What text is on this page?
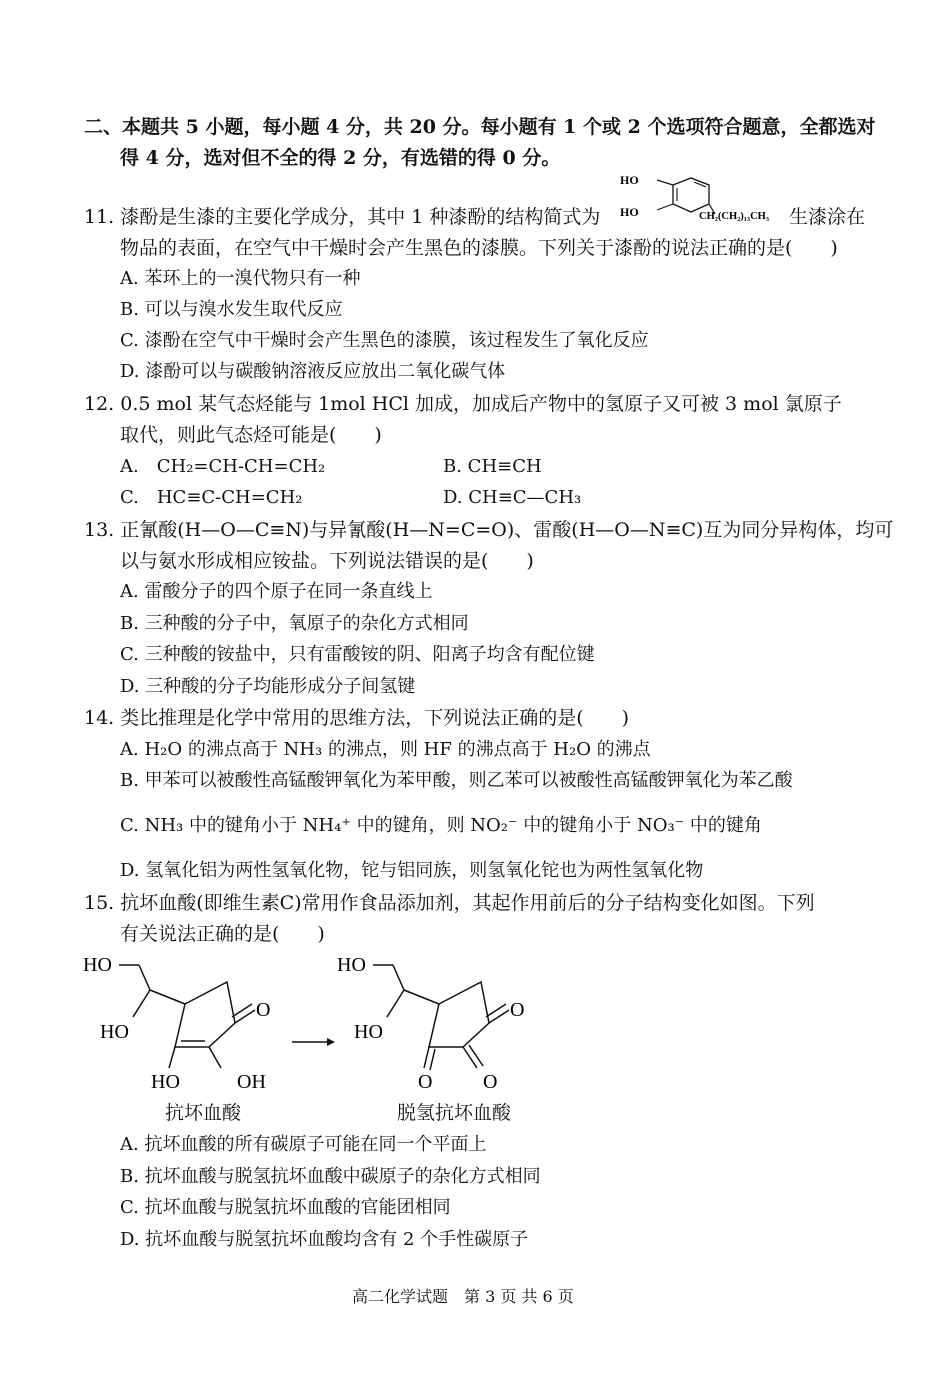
二、本题共 5 小题，每小题 4 分，共 20 分。每小题有 1 个或 2 个选项符合题意，全都选对
得 4 分，选对但不全的得 2 分，有选错的得 0 分。
11. 漆酚是生漆的主要化学成分，其中 1 种漆酚的结构简式为
HO
HO	CH₂(CH₂)₁₃CH₃ 生漆涂在
物品的表面，在空气中干燥时会产生黑色的漆膜。下列关于漆酚的说法正确的是(　　)
A. 苯环上的一溴代物只有一种
B. 可以与溴水发生取代反应
C. 漆酚在空气中干燥时会产生黑色的漆膜，该过程发生了氧化反应
D. 漆酚可以与碳酸钠溶液反应放出二氧化碳气体
12. 0.5 mol 某气态烃能与 1mol HCl 加成，加成后产物中的氢原子又可被 3 mol 氯原子
取代，则此气态烃可能是(　　)
A.　CH₂=CH-CH=CH₂	B. CH≡CH
C.　HC≡C-CH=CH₂	D. CH≡C—CH₃
13. 正氰酸(H—O—C≡N)与异氰酸(H—N=C=O)、雷酸(H—O—N≡C)互为同分异构体，均可
以与氨水形成相应铵盐。下列说法错误的是(　　)
A. 雷酸分子的四个原子在同一条直线上
B. 三种酸的分子中，氧原子的杂化方式相同
C. 三种酸的铵盐中，只有雷酸铵的阴、阳离子均含有配位键
D. 三种酸的分子均能形成分子间氢键
14. 类比推理是化学中常用的思维方法，下列说法正确的是(　　)
A. H₂O 的沸点高于 NH₃ 的沸点，则 HF 的沸点高于 H₂O 的沸点
B. 甲苯可以被酸性高锰酸钾氧化为苯甲酸，则乙苯可以被酸性高锰酸钾氧化为苯乙酸
C. NH₃ 中的键角小于 NH₄⁺ 中的键角，则 NO₂⁻ 中的键角小于 NO₃⁻ 中的键角
D. 氢氧化铝为两性氢氧化物，铊与铝同族，则氢氧化铊也为两性氢氧化物
15. 抗坏血酸(即维生素C)常用作食品添加剂，其起作用前后的分子结构变化如图。下列
有关说法正确的是(　　)
HO
HO
O
HO	OH
HO
HO
O
O	O
抗坏血酸	脱氢抗坏血酸
A. 抗坏血酸的所有碳原子可能在同一个平面上
B. 抗坏血酸与脱氢抗坏血酸中碳原子的杂化方式相同
C. 抗坏血酸与脱氢抗坏血酸的官能团相同
D. 抗坏血酸与脱氢抗坏血酸均含有 2 个手性碳原子
高二化学试题　第 3 页 共 6 页
